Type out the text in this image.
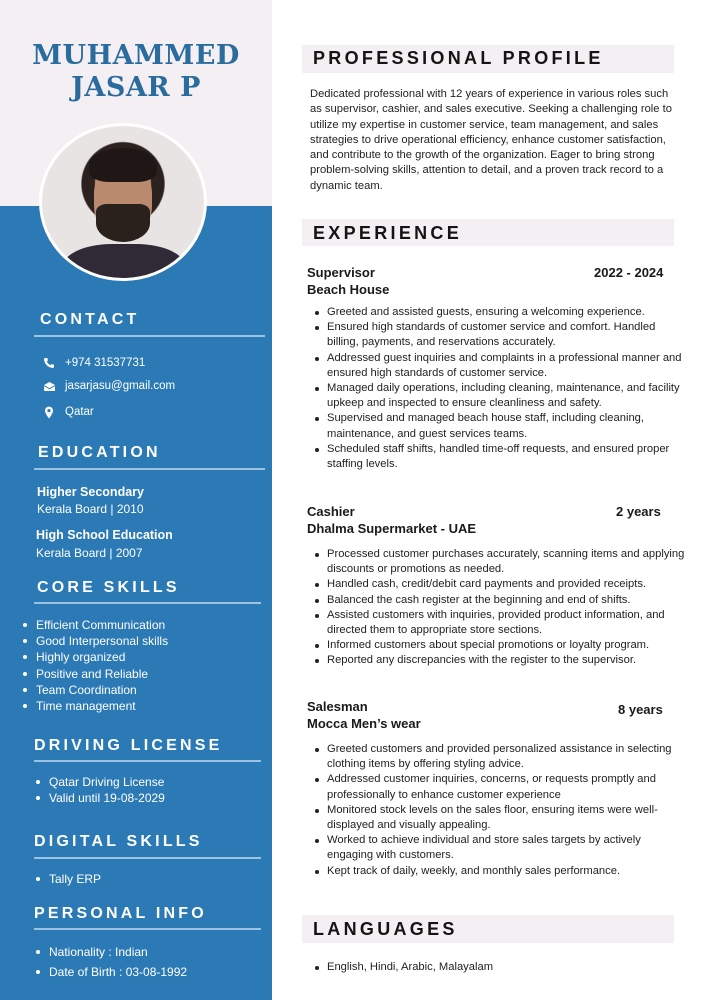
MUHAMMED
JASAR P
CONTACT
+974 31537731
jasarjasu@gmail.com
Qatar
EDUCATION
Higher Secondary
Kerala Board | 2010
High School Education
Kerala Board | 2007
CORE SKILLS
Efficient Communication
Good Interpersonal skills
Highly organized
Positive and Reliable
Team Coordination
Time management
DRIVING LICENSE
Qatar Driving License
Valid until 19-08-2029
DIGITAL SKILLS
Tally ERP
PERSONAL INFO
Nationality : Indian
Date of Birth : 03-08-1992
PROFESSIONAL PROFILE
Dedicated professional with 12 years of experience in various roles such as supervisor, cashier, and sales executive. Seeking a challenging role to utilize my expertise in customer service, team management, and sales strategies to drive operational efficiency, enhance customer satisfaction, and contribute to the growth of the organization. Eager to bring strong problem-solving skills, attention to detail, and a proven track record to a dynamic team.
EXPERIENCE
Supervisor
Beach House
2022 - 2024
Greeted and assisted guests, ensuring a welcoming experience.
Ensured high standards of customer service and comfort. Handled billing, payments, and reservations accurately.
Addressed guest inquiries and complaints in a professional manner and ensured high standards of customer service.
Managed daily operations, including cleaning, maintenance, and facility upkeep and inspected to ensure cleanliness and safety.
Supervised and managed beach house staff, including cleaning, maintenance, and guest services teams.
Scheduled staff shifts, handled time-off requests, and ensured proper staffing levels.
Cashier
Dhalma Supermarket - UAE
2 years
Processed customer purchases accurately, scanning items and applying discounts or promotions as needed.
Handled cash, credit/debit card payments and provided receipts.
Balanced the cash register at the beginning and end of shifts.
Assisted customers with inquiries, provided product information, and directed them to appropriate store sections.
Informed customers about special promotions or loyalty program.
Reported any discrepancies with the register to the supervisor.
Salesman
Mocca Men’s wear
8 years
Greeted customers and provided personalized assistance in selecting clothing items by offering styling advice.
Addressed customer inquiries, concerns, or requests promptly and professionally to enhance customer experience
Monitored stock levels on the sales floor, ensuring items were well-displayed and visually appealing.
Worked to achieve individual and store sales targets by actively engaging with customers.
Kept track of daily, weekly, and monthly sales performance.
LANGUAGES
English, Hindi, Arabic, Malayalam
